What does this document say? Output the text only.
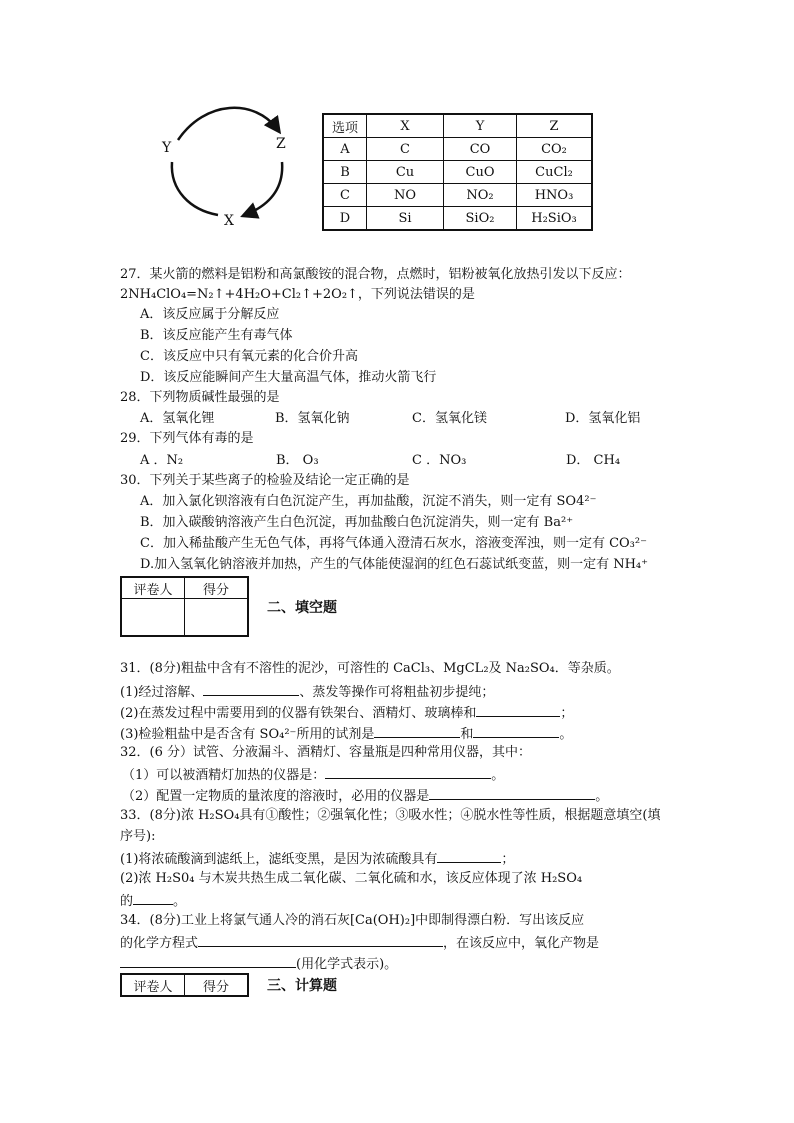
Y	Z
X
选项	X	Y	Z
A	C	CO	CO₂
B	Cu	CuO	CuCl₂
C	NO	NO₂	HNO₃
D	Si	SiO₂	H₂SiO₃
27．某火箭的燃料是铝粉和高氯酸铵的混合物，点燃时，铝粉被氧化放热引发以下反应：
2NH₄ClO₄=N₂↑+4H₂O+Cl₂↑+2O₂↑，下列说法错误的是
A．该反应属于分解反应
B．该反应能产生有毒气体
C．该反应中只有氧元素的化合价升高
D．该反应能瞬间产生大量高温气体，推动火箭飞行
28．下列物质碱性最强的是
A．氢氧化锂	B．氢氧化钠	C．氢氧化镁	D．氢氧化铝
29．下列气体有毒的是
A ．N₂	B． O₃	C ．NO₃	D． CH₄
30．下列关于某些离子的检验及结论一定正确的是
A．加入氯化钡溶液有白色沉淀产生，再加盐酸，沉淀不消失，则一定有 SO4²⁻
B．加入碳酸钠溶液产生白色沉淀，再加盐酸白色沉淀消失，则一定有 Ba²⁺
C．加入稀盐酸产生无色气体，再将气体通入澄清石灰水，溶液变浑浊，则一定有 CO₃²⁻
D.加入氢氧化钠溶液并加热，产生的气体能使湿润的红色石蕊试纸变蓝，则一定有 NH₄⁺
评卷人	得分

二、填空题
31．(8分)粗盐中含有不溶性的泥沙，可溶性的 CaCl₃、MgCL₂及 Na₂SO₄．等杂质。
(1)经过溶解、	、蒸发等操作可将粗盐初步提纯；
(2)在蒸发过程中需要用到的仪器有铁架台、酒精灯、玻璃棒和	；
(3)检验粗盐中是否含有 SO₄²⁻所用的试剂是	和	。
32．(6 分）试管、分液漏斗、酒精灯、容量瓶是四种常用仪器，其中：
（1）可以被酒精灯加热的仪器是：	。
（2）配置一定物质的量浓度的溶液时，必用的仪器是	。
33．(8分)浓 H₂SO₄具有①酸性；②强氧化性；③吸水性；④脱水性等性质，根据题意填空(填
序号):
(1)将浓硫酸滴到滤纸上，滤纸变黑，是因为浓硫酸具有	；
(2)浓 H₂S0₄ 与木炭共热生成二氧化碳、二氧化硫和水，该反应体现了浓 H₂SO₄
的	。
34．(8分)工业上将氯气通人冷的消石灰[Ca(OH)₂]中即制得漂白粉．写出该反应
的化学方程式	，在该反应中，氧化产物是
(用化学式表示)。
评卷人	得分	三、计算题
